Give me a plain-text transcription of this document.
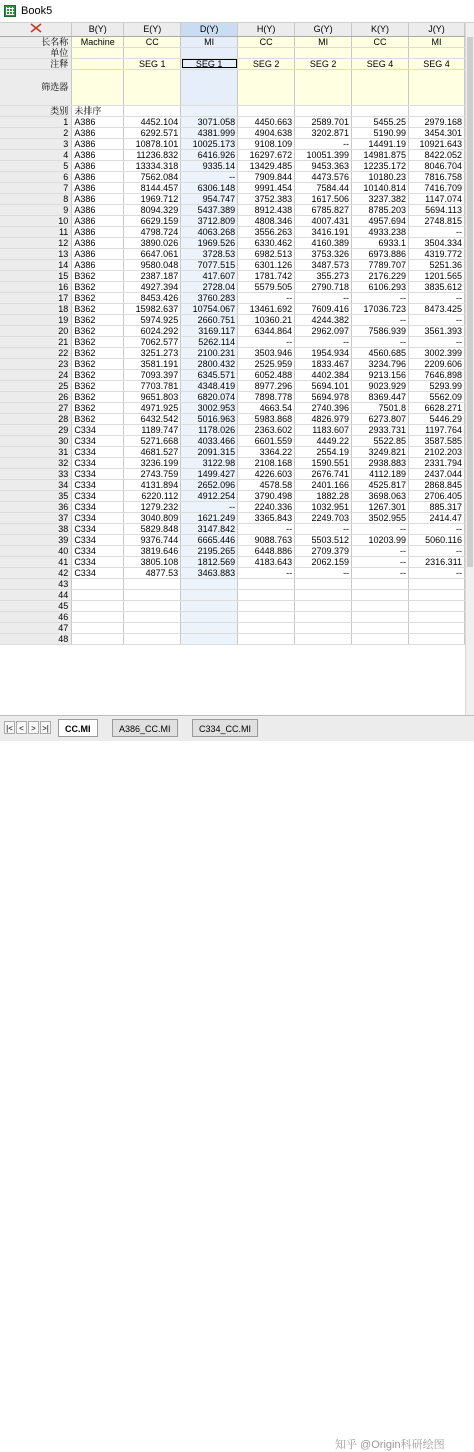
Book5
	B(Y)	E(Y)	D(Y)	H(Y)	G(Y)	K(Y)	J(Y)
长名称	Machine	CC	MI	CC	MI	CC	MI
单位							
注释		SEG 1	SEG 1	SEG 2	SEG 2	SEG 4	SEG 4
筛选器							
类别	未排序						
1	A386	4452.104	3071.058	4450.663	2589.701	5455.25	2979.168
2	A386	6292.571	4381.999	4904.638	3202.871	5190.99	3454.301
3	A386	10878.101	10025.173	9108.109	--	14491.19	10921.643
4	A386	11236.832	6416.926	16297.672	10051.399	14981.875	8422.052
5	A386	13334.318	9335.14	13429.485	9453.363	12235.172	8046.704
6	A386	7562.084	--	7909.844	4473.576	10180.23	7816.758
7	A386	8144.457	6306.148	9991.454	7584.44	10140.814	7416.709
8	A386	1969.712	954.747	3752.383	1617.506	3237.382	1147.074
9	A386	8094.329	5437.389	8912.438	6785.827	8785.203	5694.113
10	A386	6629.159	3712.809	4808.346	4007.431	4957.694	2748.815
11	A386	4798.724	4063.268	3556.263	3416.191	4933.238	--
12	A386	3890.026	1969.526	6330.462	4160.389	6933.1	3504.334
13	A386	6647.061	3728.53	6982.513	3753.326	6973.886	4319.772
14	A386	9580.048	7077.515	6301.126	3487.573	7789.707	5251.36
15	B362	2387.187	417.607	1781.742	355.273	2176.229	1201.565
16	B362	4927.394	2728.04	5579.505	2790.718	6106.293	3835.612
17	B362	8453.426	3760.283	--	--	--	--
18	B362	15982.637	10754.067	13461.692	7609.416	17036.723	8473.425
19	B362	5974.925	2660.751	10360.21	4244.382	--	--
20	B362	6024.292	3169.117	6344.864	2962.097	7586.939	3561.393
21	B362	7062.577	5262.114	--	--	--	--
22	B362	3251.273	2100.231	3503.946	1954.934	4560.685	3002.399
23	B362	3581.191	2800.432	2525.959	1833.467	3234.796	2209.606
24	B362	7093.397	6345.571	6052.488	4402.384	9213.156	7646.898
25	B362	7703.781	4348.419	8977.296	5694.101	9023.929	5293.99
26	B362	9651.803	6820.074	7898.778	5694.978	8369.447	5562.09
27	B362	4971.925	3002.953	4663.54	2740.396	7501.8	6628.271
28	B362	6432.542	5016.963	5983.868	4826.979	6273.807	5446.29
29	C334	1189.747	1178.026	2363.602	1183.607	2933.731	1197.764
30	C334	5271.668	4033.466	6601.559	4449.22	5522.85	3587.585
31	C334	4681.527	2091.315	3364.22	2554.19	3249.821	2102.203
32	C334	3236.199	3122.98	2108.168	1590.551	2938.883	2331.794
33	C334	2743.759	1499.427	4226.603	2676.741	4112.189	2437.044
34	C334	4131.894	2652.096	4578.58	2401.166	4525.817	2868.845
35	C334	6220.112	4912.254	3790.498	1882.28	3698.063	2706.405
36	C334	1279.232	--	2240.336	1032.951	1267.301	885.317
37	C334	3040.809	1621.249	3365.843	2249.703	3502.955	2414.47
38	C334	5829.848	3147.842	--	--	--	--
39	C334	9376.744	6665.446	9088.763	5503.512	10203.99	5060.116
40	C334	3819.646	2195.265	6448.886	2709.379	--	--
41	C334	3805.108	1812.569	4183.643	2062.159	--	2316.311
42	C334	4877.53	3463.883	--	--	--	--
43							
44							
45							
46							
47							
48							
|< < > >|	CC.MI	A386_CC.MI	C334_CC.MI
知乎 @Origin科研绘图
